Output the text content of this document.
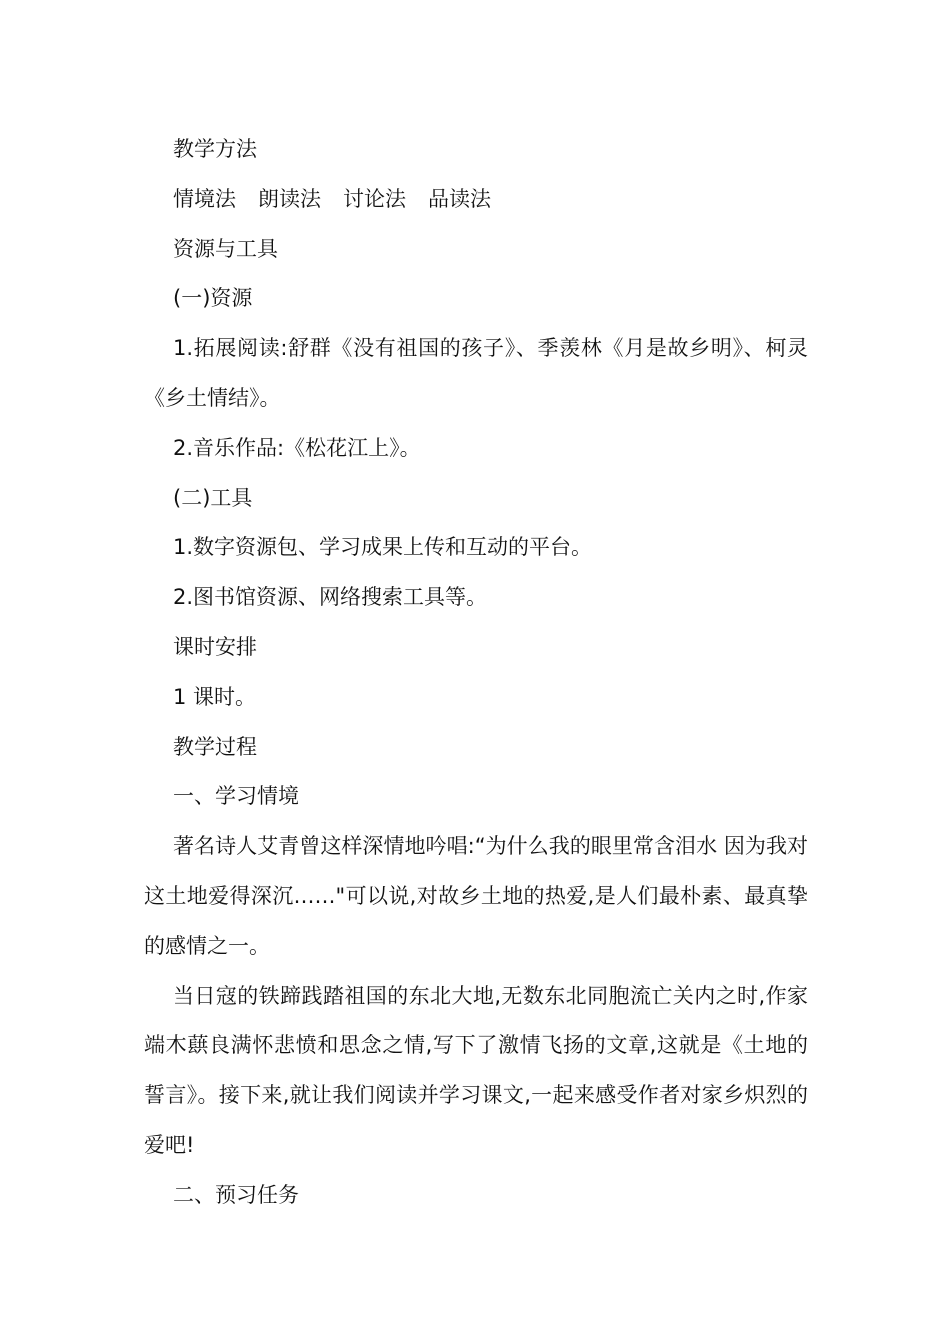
教学方法

情境法 朗读法 讨论法 品读法

资源与工具

(一)资源

1.拓展阅读:舒群《没有祖国的孩子》、季羡林《月是故乡明》、柯灵《乡土情结》。

2.音乐作品:《松花江上》。

(二)工具

1.数字资源包、学习成果上传和互动的平台。

2.图书馆资源、网络搜索工具等。

课时安排

1 课时。

教学过程

一、学习情境

著名诗人艾青曾这样深情地吟唱:“为什么我的眼里常含泪水 因为我对这土地爱得深沉……"可以说,对故乡土地的热爱,是人们最朴素、最真挚的感情之一。

当日寇的铁蹄践踏祖国的东北大地,无数东北同胞流亡关内之时,作家端木蕻良满怀悲愤和思念之情,写下了激情飞扬的文章,这就是《土地的誓言》。接下来,就让我们阅读并学习课文,一起来感受作者对家乡炽烈的爱吧!

二、预习任务
